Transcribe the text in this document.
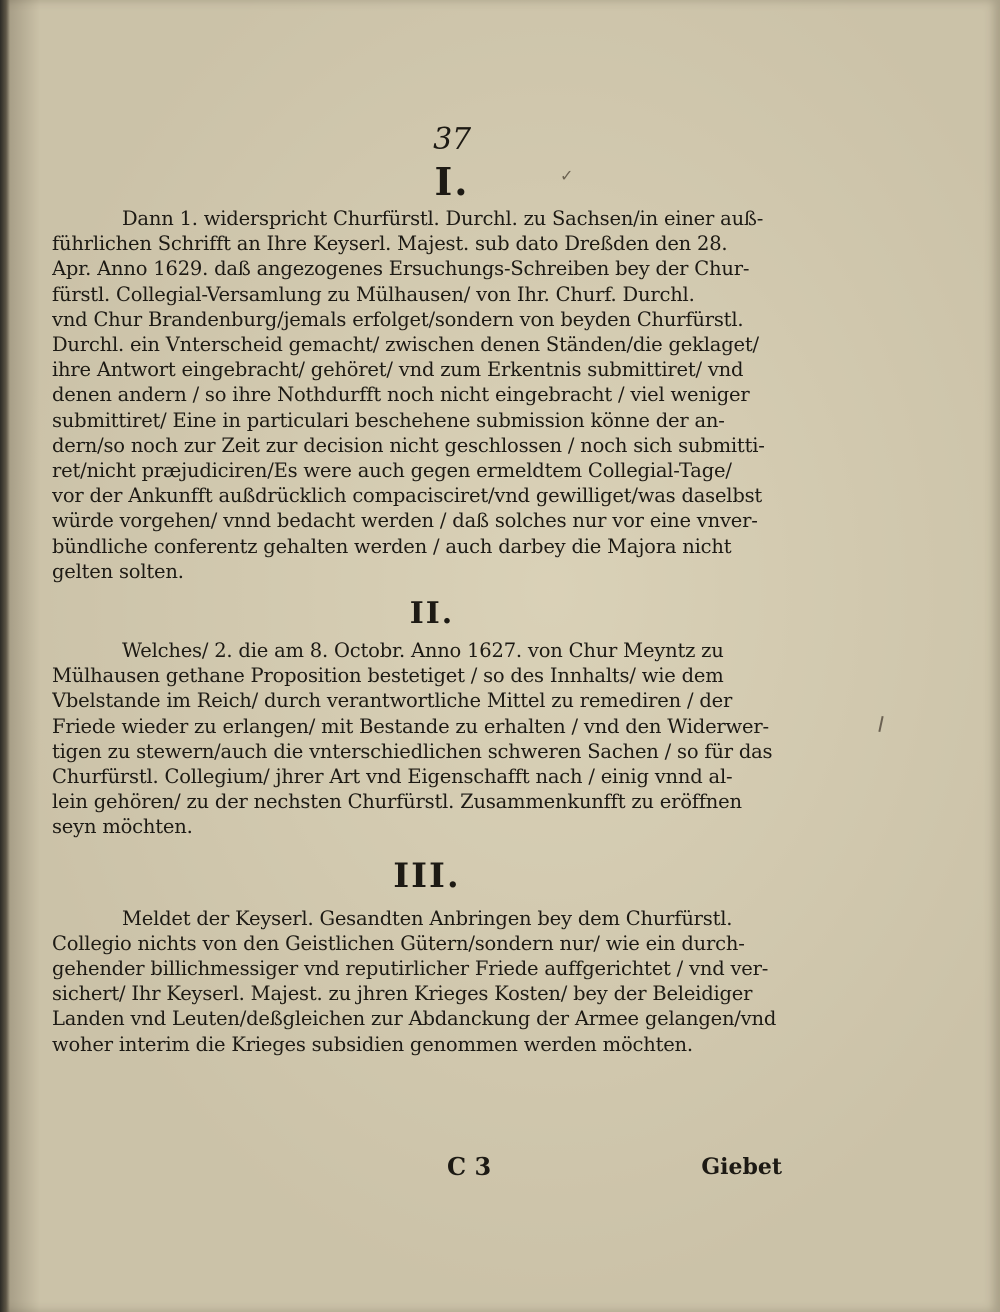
✓
37
I.

Dann 1. widerspricht Churfürstl. Durchl. zu Sachsen/in einer auß-
führlichen Schrifft an Ihre Keyserl. Majest. sub dato Dreßden den 28.
Apr. Anno 1629. daß angezogenes Ersuchungs-Schreiben bey der Chur-
fürstl. Collegial-Versamlung zu Mülhausen/ von Ihr. Churf. Durchl.
vnd Chur Brandenburg/jemals erfolget/sondern von beyden Churfürstl.
Durchl. ein Vnterscheid gemacht/ zwischen denen Ständen/die geklaget/
ihre Antwort eingebracht/ gehöret/ vnd zum Erkentnis submittiret/ vnd
denen andern / so ihre Nothdurfft noch nicht eingebracht / viel weniger
submittiret/ Eine in particulari beschehene submission könne der an-
dern/so noch zur Zeit zur decision nicht geschlossen / noch sich submitti-
ret/nicht præjudiciren/Es were auch gegen ermeldtem Collegial-Tage/
vor der Ankunfft außdrücklich compacisciret/vnd gewilliget/was daselbst
würde vorgehen/ vnnd bedacht werden / daß solches nur vor eine vnver-
bündliche conferentz gehalten werden / auch darbey die Majora nicht
gelten solten.

II.

Welches/ 2. die am 8. Octobr. Anno 1627. von Chur Meyntz zu
Mülhausen gethane Proposition bestetiget / so des Innhalts/ wie dem
Vbelstande im Reich/ durch verantwortliche Mittel zu remediren / der
Friede wieder zu erlangen/ mit Bestande zu erhalten / vnd den Widerwer-
tigen zu stewern/auch die vnterschiedlichen schweren Sachen / so für das
Churfürstl. Collegium/ jhrer Art vnd Eigenschafft nach / einig vnnd al-
lein gehören/ zu der nechsten Churfürstl. Zusammenkunfft zu eröffnen
seyn möchten.

III.

Meldet der Keyserl. Gesandten Anbringen bey dem Churfürstl.
Collegio nichts von den Geistlichen Gütern/sondern nur/ wie ein durch-
gehender billichmessiger vnd reputirlicher Friede auffgerichtet / vnd ver-
sichert/ Ihr Keyserl. Majest. zu jhren Krieges Kosten/ bey der Beleidiger
Landen vnd Leuten/deßgleichen zur Abdanckung der Armee gelangen/vnd
woher interim die Krieges subsidien genommen werden möchten.

C 3	Giebet
